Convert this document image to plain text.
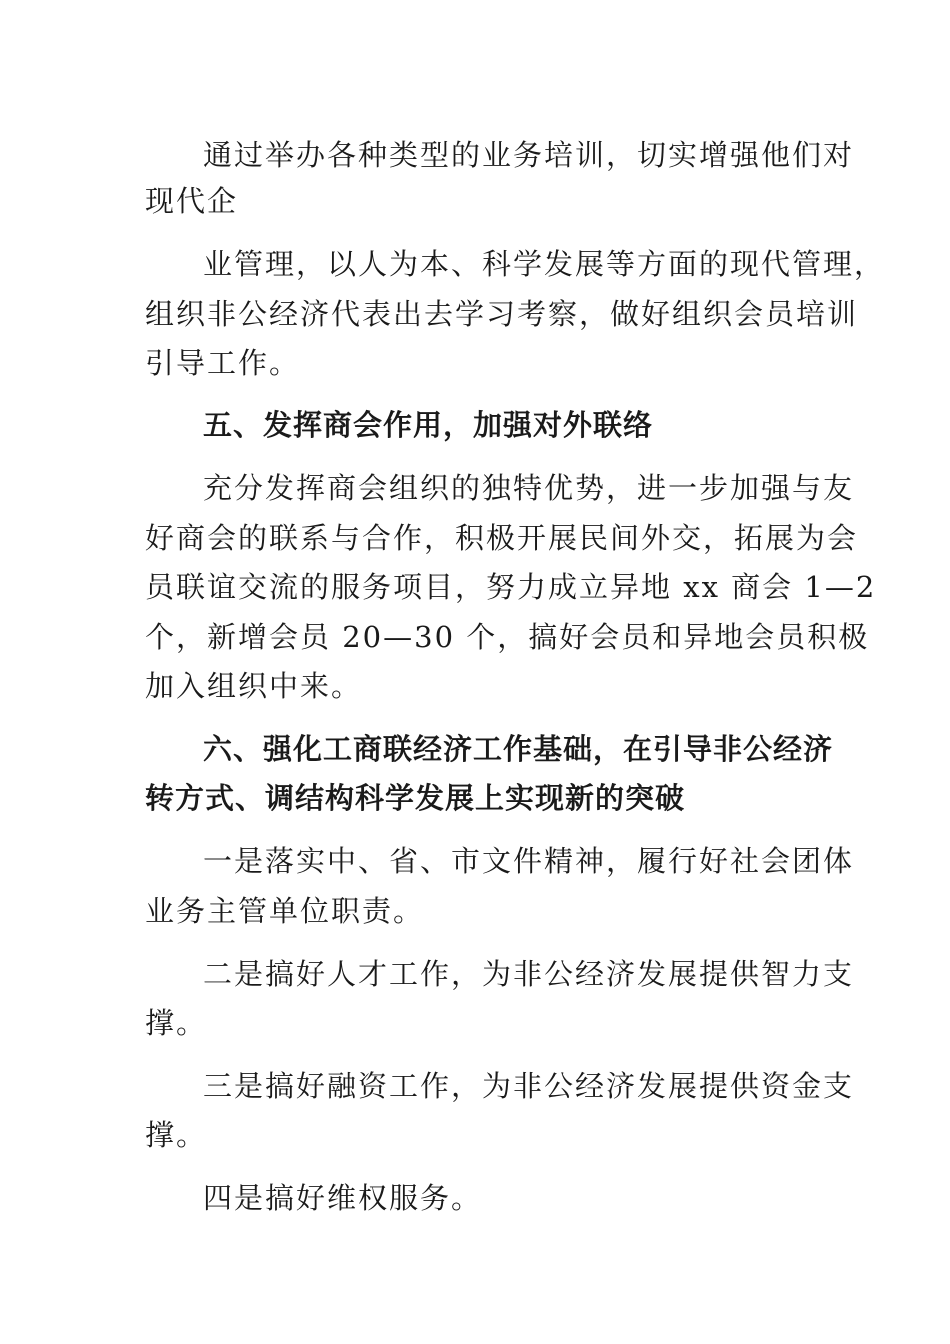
通过举办各种类型的业务培训，切实增强他们对
现代企
业管理，以人为本、科学发展等方面的现代管理，
组织非公经济代表出去学习考察，做好组织会员培训
引导工作。
五、发挥商会作用，加强对外联络
充分发挥商会组织的独特优势，进一步加强与友
好商会的联系与合作，积极开展民间外交，拓展为会
员联谊交流的服务项目，努力成立异地 xx 商会 1—2
个，新增会员 20—30 个，搞好会员和异地会员积极
加入组织中来。
六、强化工商联经济工作基础，在引导非公经济
转方式、调结构科学发展上实现新的突破
一是落实中、省、市文件精神，履行好社会团体
业务主管单位职责。
二是搞好人才工作，为非公经济发展提供智力支
撑。
三是搞好融资工作，为非公经济发展提供资金支
撑。
四是搞好维权服务。
